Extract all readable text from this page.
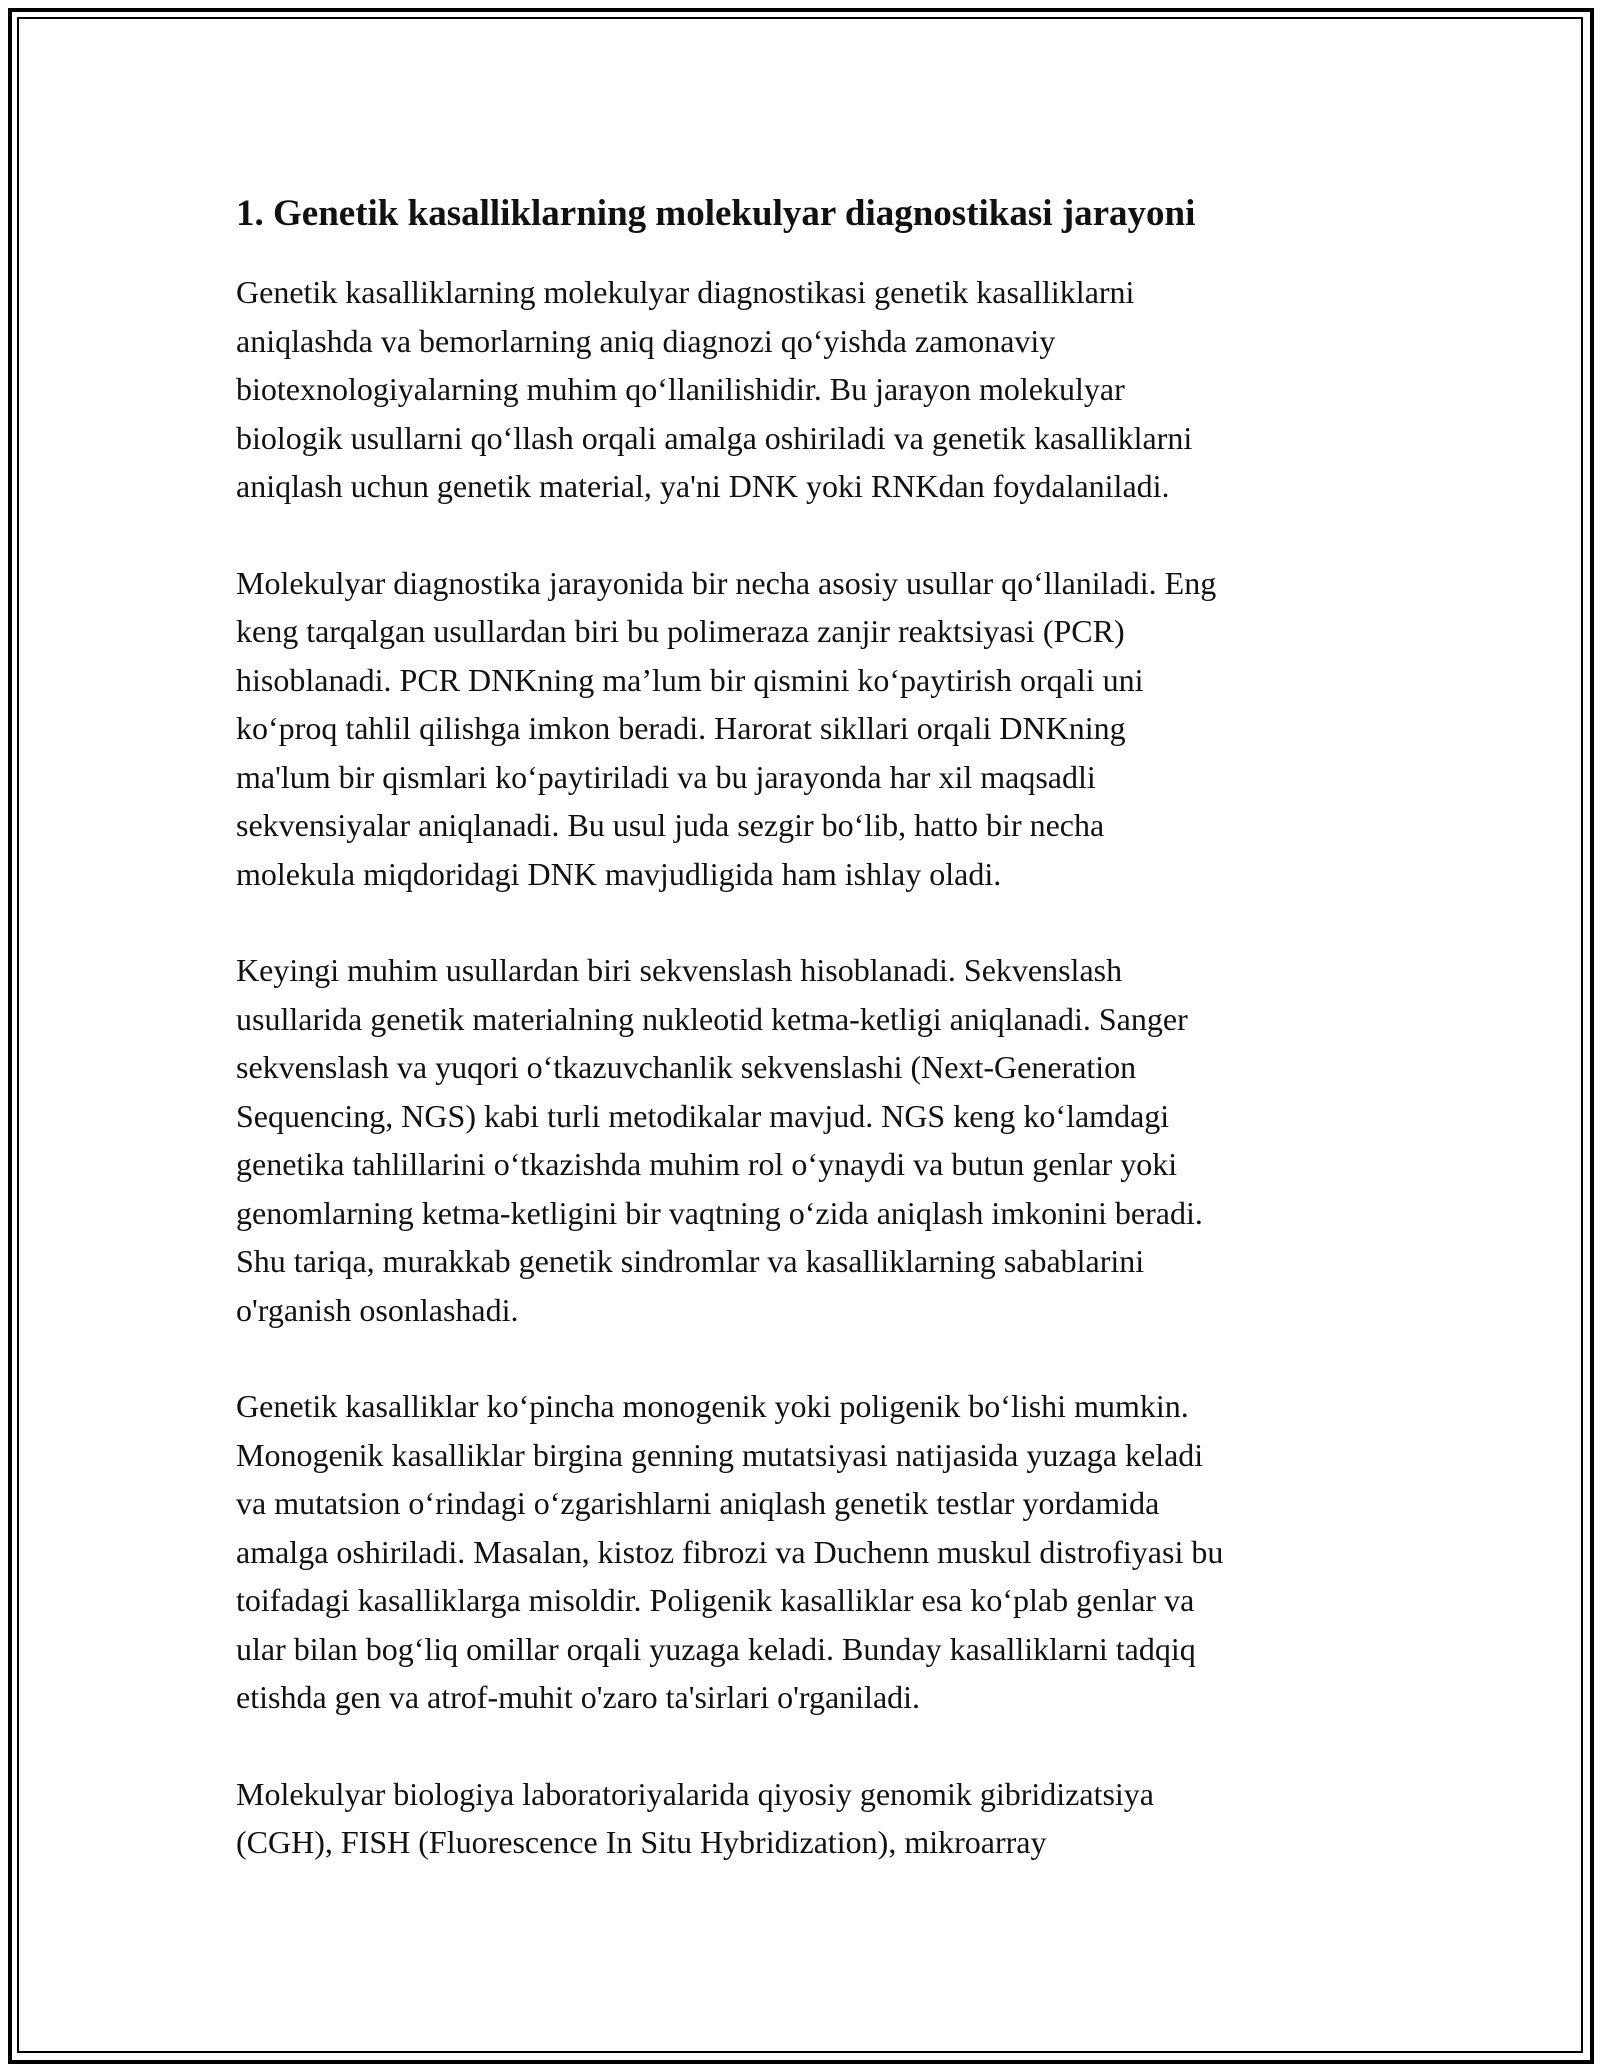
1. Genetik kasalliklarning molekulyar diagnostikasi jarayoni

Genetik kasalliklarning molekulyar diagnostikasi genetik kasalliklarni
aniqlashda va bemorlarning aniq diagnozi qo‘yishda zamonaviy
biotexnologiyalarning muhim qo‘llanilishidir. Bu jarayon molekulyar
biologik usullarni qo‘llash orqali amalga oshiriladi va genetik kasalliklarni
aniqlash uchun genetik material, ya'ni DNK yoki RNKdan foydalaniladi.

Molekulyar diagnostika jarayonida bir necha asosiy usullar qo‘llaniladi. Eng
keng tarqalgan usullardan biri bu polimeraza zanjir reaktsiyasi (PCR)
hisoblanadi. PCR DNKning ma’lum bir qismini ko‘paytirish orqali uni
ko‘proq tahlil qilishga imkon beradi. Harorat sikllari orqali DNKning
ma'lum bir qismlari ko‘paytiriladi va bu jarayonda har xil maqsadli
sekvensiyalar aniqlanadi. Bu usul juda sezgir bo‘lib, hatto bir necha
molekula miqdoridagi DNK mavjudligida ham ishlay oladi.

Keyingi muhim usullardan biri sekvenslash hisoblanadi. Sekvenslash
usullarida genetik materialning nukleotid ketma-ketligi aniqlanadi. Sanger
sekvenslash va yuqori o‘tkazuvchanlik sekvenslashi (Next-Generation
Sequencing, NGS) kabi turli metodikalar mavjud. NGS keng ko‘lamdagi
genetika tahlillarini o‘tkazishda muhim rol o‘ynaydi va butun genlar yoki
genomlarning ketma-ketligini bir vaqtning o‘zida aniqlash imkonini beradi.
Shu tariqa, murakkab genetik sindromlar va kasalliklarning sabablarini
o'rganish osonlashadi.

Genetik kasalliklar ko‘pincha monogenik yoki poligenik bo‘lishi mumkin.
Monogenik kasalliklar birgina genning mutatsiyasi natijasida yuzaga keladi
va mutatsion o‘rindagi o‘zgarishlarni aniqlash genetik testlar yordamida
amalga oshiriladi. Masalan, kistoz fibrozi va Duchenn muskul distrofiyasi bu
toifadagi kasalliklarga misoldir. Poligenik kasalliklar esa ko‘plab genlar va
ular bilan bog‘liq omillar orqali yuzaga keladi. Bunday kasalliklarni tadqiq
etishda gen va atrof-muhit o'zaro ta'sirlari o'rganiladi.

Molekulyar biologiya laboratoriyalarida qiyosiy genomik gibridizatsiya
(CGH), FISH (Fluorescence In Situ Hybridization), mikroarray
